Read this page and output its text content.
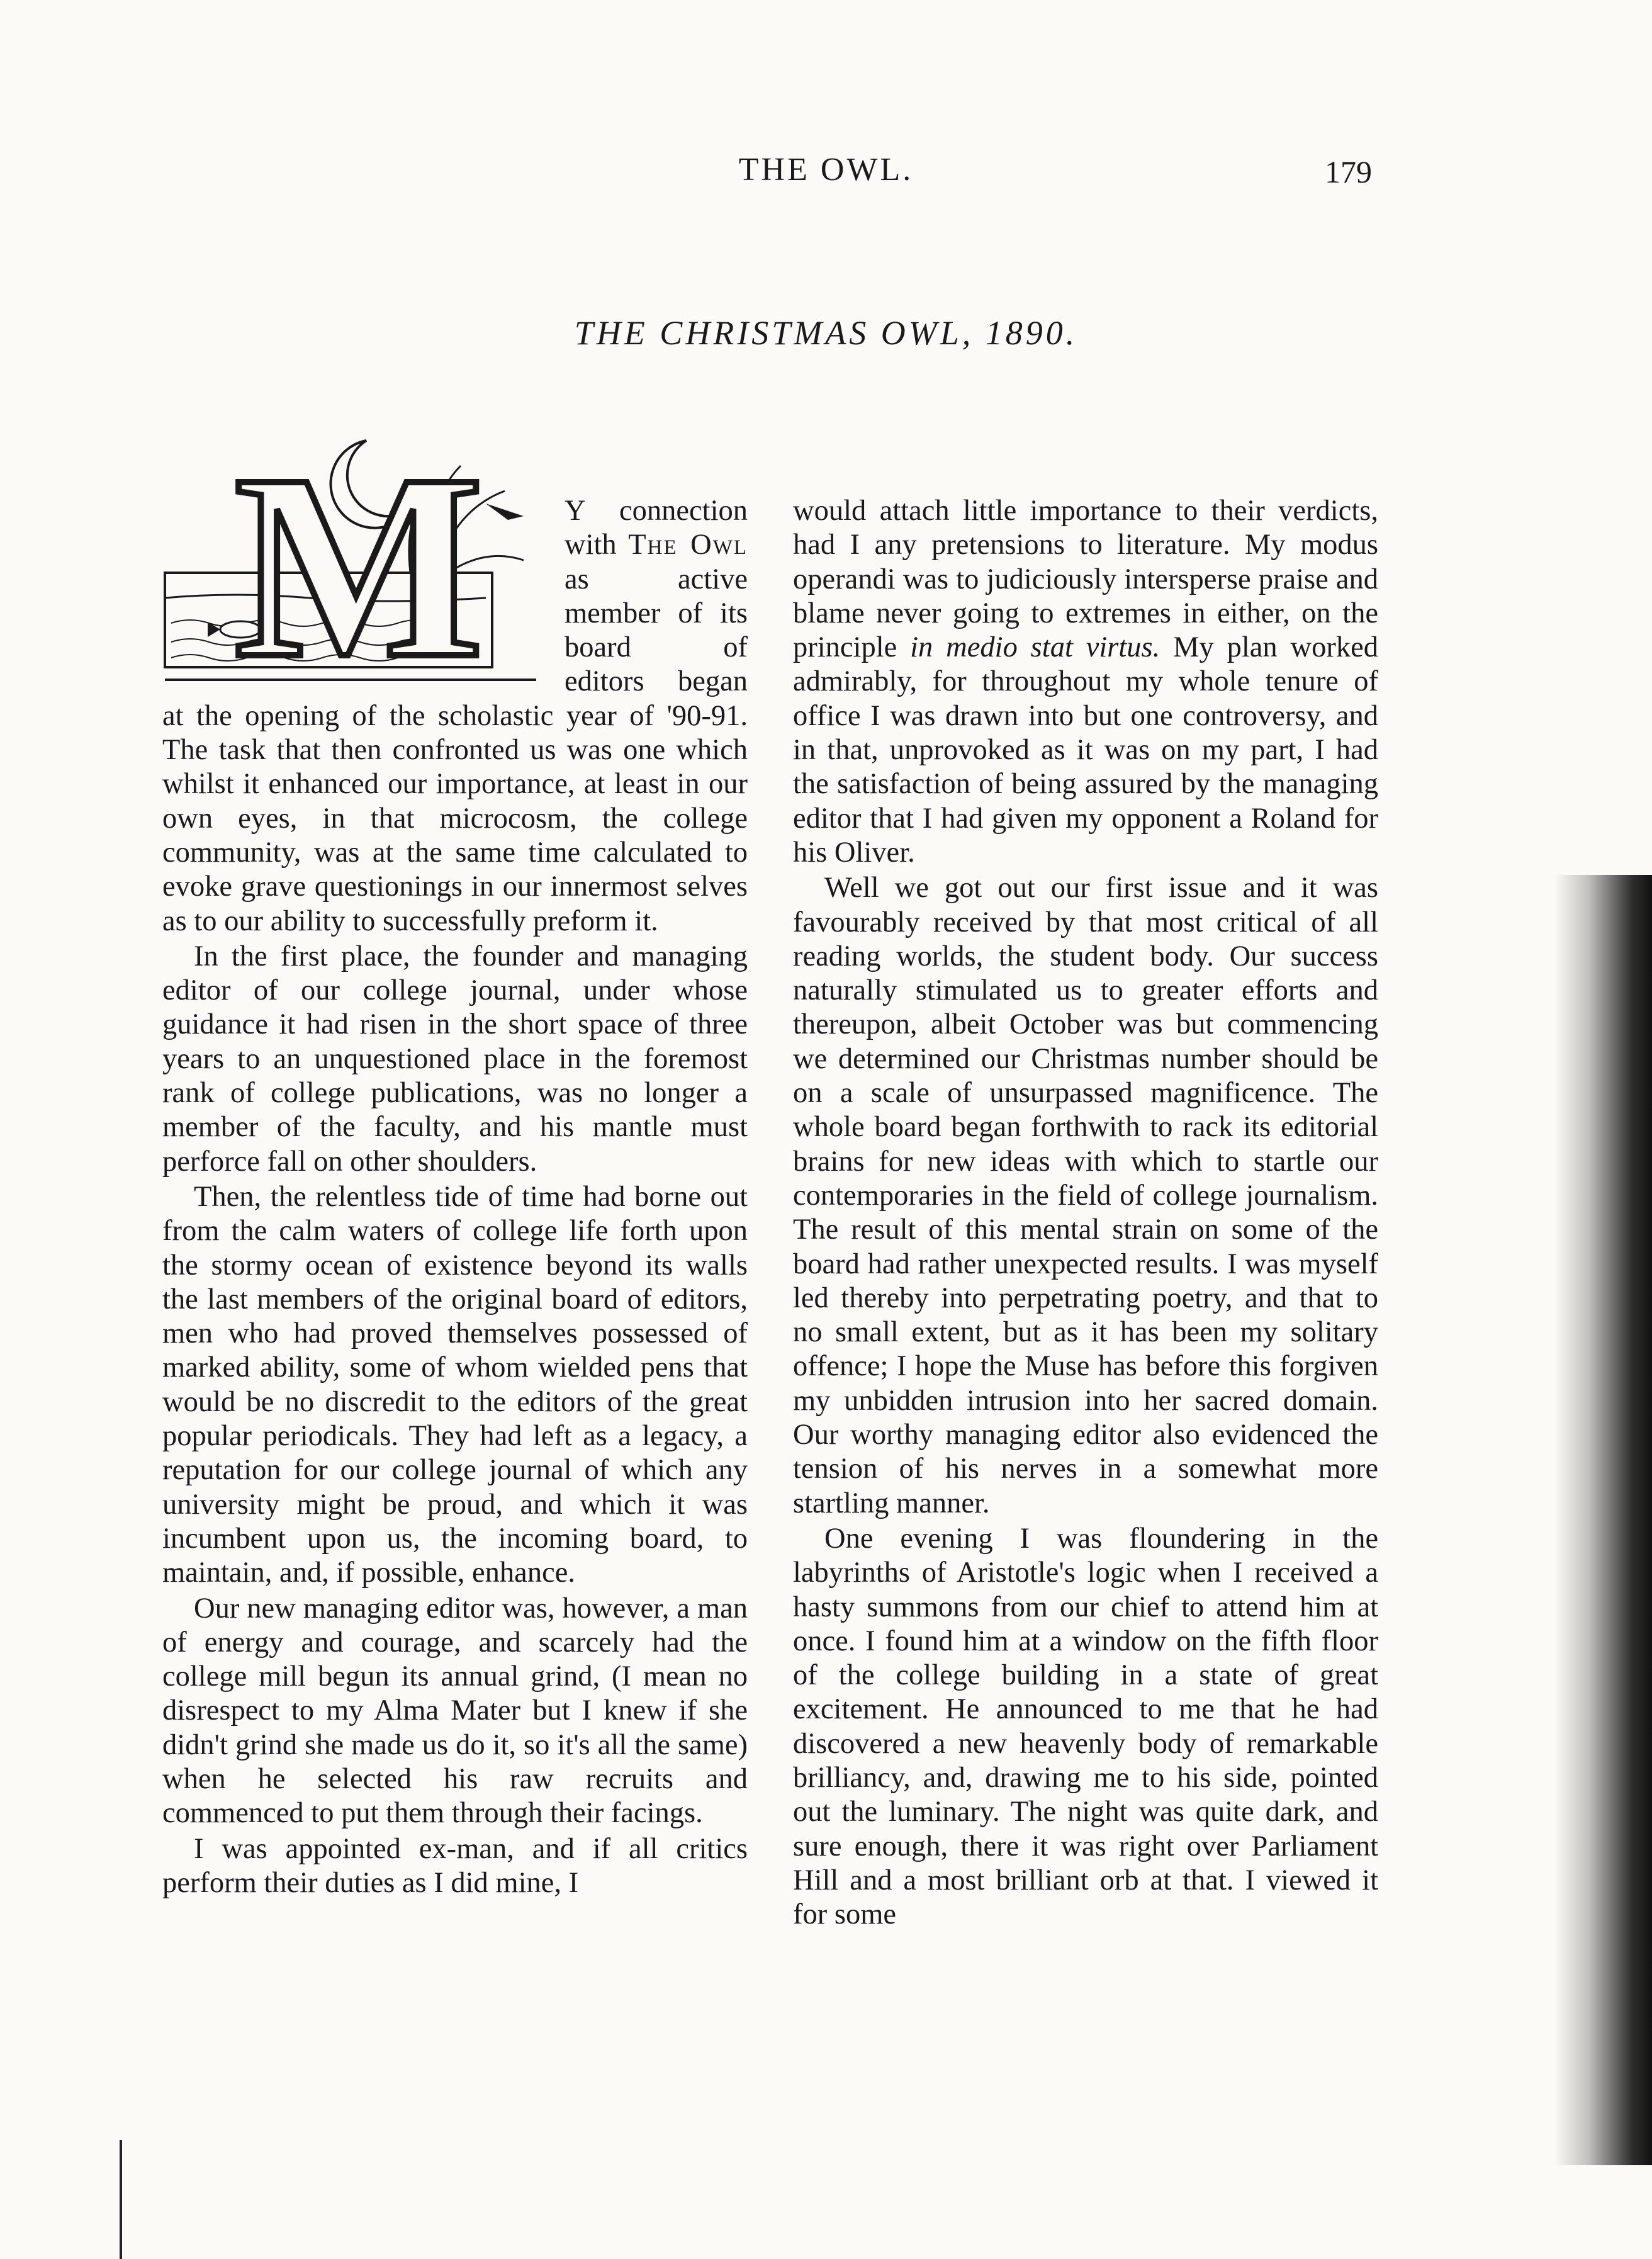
THE OWL.	179
THE CHRISTMAS OWL, 1890.

M	Y connection with The Owl as active member of its board of editors began at the opening of the scholastic year of '90-91. The task that then confronted us was one which whilst it enhanced our importance, at least in our own eyes, in that microcosm, the college community, was at the same time calculated to evoke grave questionings in our innermost selves as to our ability to successfully preform it.

In the first place, the founder and managing editor of our college journal, under whose guidance it had risen in the short space of three years to an unquestioned place in the foremost rank of college publications, was no longer a member of the faculty, and his mantle must perforce fall on other shoulders.

Then, the relentless tide of time had borne out from the calm waters of college life forth upon the stormy ocean of existence beyond its walls the last members of the original board of editors, men who had proved themselves possessed of marked ability, some of whom wielded pens that would be no discredit to the editors of the great popular periodicals. They had left as a legacy, a reputation for our college journal of which any university might be proud, and which it was incumbent upon us, the incoming board, to maintain, and, if possible, enhance.

Our new managing editor was, however, a man of energy and courage, and scarcely had the college mill begun its annual grind, (I mean no disrespect to my Alma Mater but I knew if she didn't grind she made us do it, so it's all the same) when he selected his raw recruits and commenced to put them through their facings.

I was appointed ex-man, and if all critics perform their duties as I did mine, I

would attach little importance to their verdicts, had I any pretensions to literature. My modus operandi was to judiciously intersperse praise and blame never going to extremes in either, on the principle in medio stat virtus. My plan worked admirably, for throughout my whole tenure of office I was drawn into but one controversy, and in that, unprovoked as it was on my part, I had the satisfaction of being assured by the managing editor that I had given my opponent a Roland for his Oliver.

Well we got out our first issue and it was favourably received by that most critical of all reading worlds, the student body. Our success naturally stimulated us to greater efforts and thereupon, albeit October was but commencing we determined our Christmas number should be on a scale of unsurpassed magnificence. The whole board began forthwith to rack its editorial brains for new ideas with which to startle our contemporaries in the field of college journalism. The result of this mental strain on some of the board had rather unexpected results. I was myself led thereby into perpetrating poetry, and that to no small extent, but as it has been my solitary offence; I hope the Muse has before this forgiven my unbidden intrusion into her sacred domain. Our worthy managing editor also evidenced the tension of his nerves in a somewhat more startling manner.

One evening I was floundering in the labyrinths of Aristotle's logic when I received a hasty summons from our chief to attend him at once. I found him at a window on the fifth floor of the college building in a state of great excitement. He announced to me that he had discovered a new heavenly body of remarkable brilliancy, and, drawing me to his side, pointed out the luminary. The night was quite dark, and sure enough, there it was right over Parliament Hill and a most brilliant orb at that. I viewed it for some
